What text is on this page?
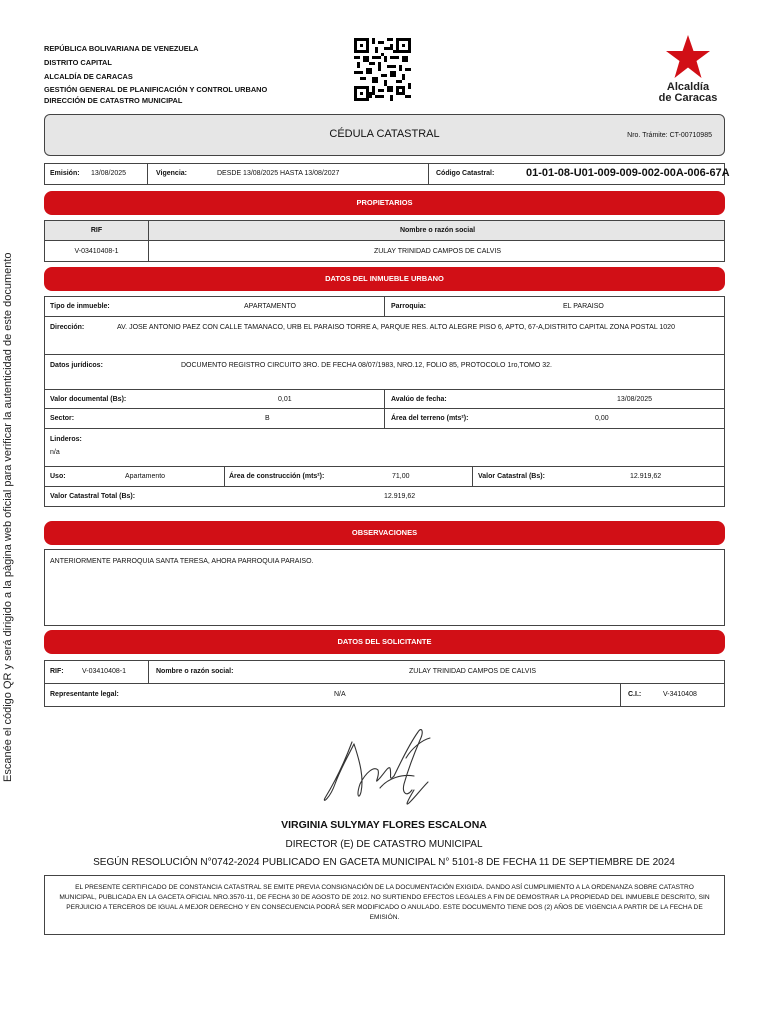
Escanée el código QR y será dirigido a la pàgina web oficial para verificar la autenticidad de este documento
REPÚBLICA BOLIVARIANA DE VENEZUELA
DISTRITO CAPITAL
ALCALDÍA DE CARACAS
GESTIÓN GENERAL DE PLANIFICACIÓN Y CONTROL URBANO
DIRECCIÓN DE CATASTRO MUNICIPAL
Alcaldía
de Caracas
CÉDULA CATASTRAL	Nro. Trámite: CT-00710985
Emisión: 13/08/2025	Vigencia:	DESDE 13/08/2025 HASTA 13/08/2027	Código Catastral:	01-01-08-U01-009-009-002-00A-006-67A
PROPIETARIOS
RIF	Nombre o razón social
V-03410408-1	ZULAY TRINIDAD CAMPOS DE CALVIS
DATOS DEL INMUEBLE URBANO
Tipo de inmueble:	APARTAMENTO	Parroquia:	EL PARAISO
Dirección:	AV. JOSE ANTONIO PAEZ CON CALLE TAMANACO, URB EL PARAISO TORRE A, PARQUE RES. ALTO ALEGRE PISO 6, APTO, 67-A,DISTRITO CAPITAL ZONA POSTAL 1020
Datos jurídicos:	DOCUMENTO REGISTRO CIRCUITO 3RO. DE FECHA 08/07/1983, NRO.12, FOLIO 85, PROTOCOLO 1ro,TOMO 32.
Valor documental (Bs):	0,01	Avalúo de fecha:	13/08/2025
Sector:	B	Área del terreno (mts²):	0,00
Linderos:
n/a
Uso:	Apartamento	Área de construcción (mts²):	71,00	Valor Catastral (Bs):	12.919,62
Valor Catastral Total (Bs):	12.919,62
OBSERVACIONES
ANTERIORMENTE PARROQUIA SANTA TERESA, AHORA PARROQUIA PARAISO.
DATOS DEL SOLICITANTE
RIF:	V-03410408-1	Nombre o razón social:	ZULAY TRINIDAD CAMPOS DE CALVIS
Representante legal:	N/A	C.I.:	V-3410408
VIRGINIA SULYMAY FLORES ESCALONA
DIRECTOR (E) DE CATASTRO MUNICIPAL
SEGÚN RESOLUCIÓN N°0742-2024 PUBLICADO EN GACETA MUNICIPAL N° 5101-8 DE FECHA 11 DE SEPTIEMBRE DE 2024
EL PRESENTE CERTIFICADO DE CONSTANCIA CATASTRAL SE EMITE PREVIA CONSIGNACIÓN DE LA DOCUMENTACIÓN EXIGIDA. DANDO ASÍ CUMPLIMIENTO A LA ORDENANZA SOBRE CATASTRO MUNICIPAL, PUBLICADA EN LA GACETA OFICIAL NRO.3570-11, DE FECHA 30 DE AGOSTO DE 2012. NO SURTIENDO EFECTOS LEGALES A FIN DE DEMOSTRAR LA PROPIEDAD DEL INMUEBLE DESCRITO, SIN PERJUICIO A TERCEROS DE IGUAL A MEJOR DERECHO Y EN CONSECUENCIA PODRÁ SER MODIFICADO O ANULADO. ESTE DOCUMENTO TIENE DOS (2) AÑOS DE VIGENCIA A PARTIR DE LA FECHA DE EMISIÓN.
